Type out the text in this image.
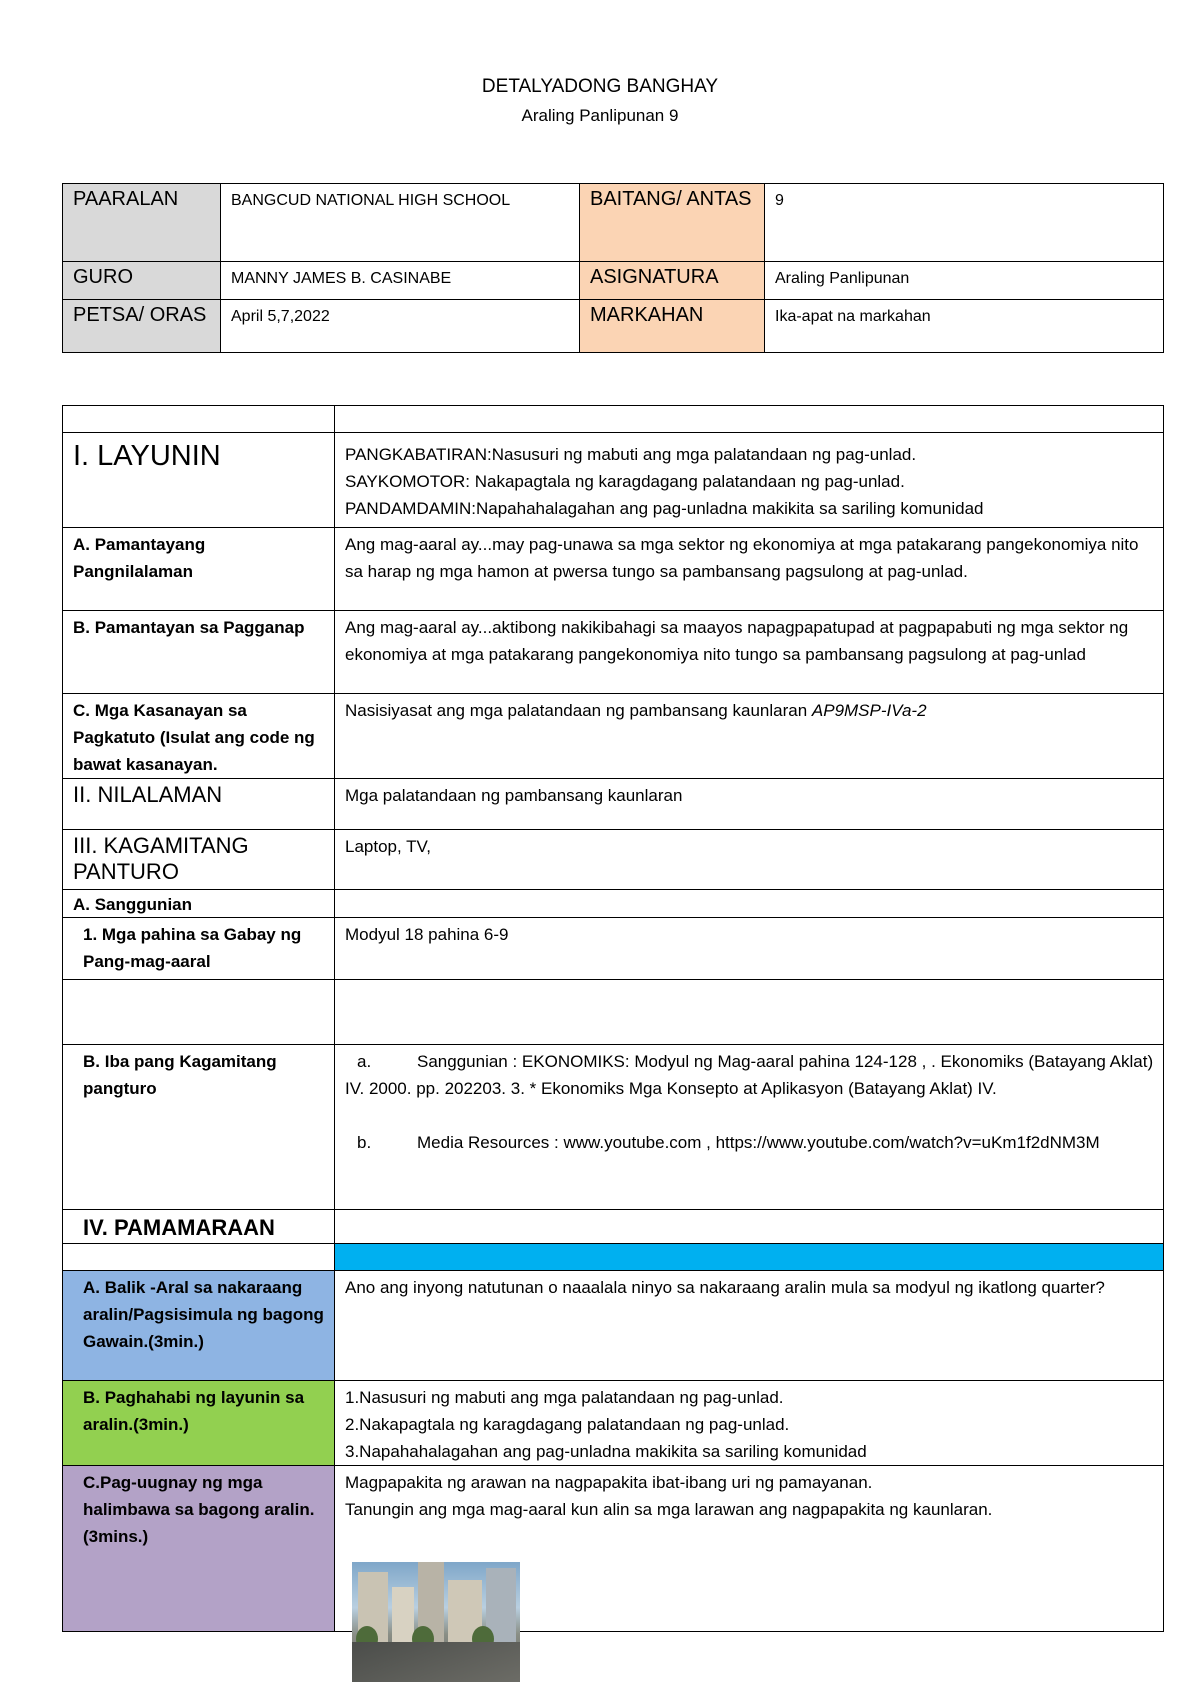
DETALYADONG BANGHAY
Araling Panlipunan 9
PAARALAN	BANGCUD NATIONAL HIGH SCHOOL	BAITANG/ ANTAS	9
GURO	MANNY JAMES B. CASINABE	ASIGNATURA	Araling Panlipunan
PETSA/ ORAS	April 5,7,2022	MARKAHAN	Ika-apat na markahan

I. LAYUNIN	PANGKABATIRAN:Nasusuri ng mabuti ang mga palatandaan ng pag-unlad.
SAYKOMOTOR: Nakapagtala ng karagdagang palatandaan ng pag-unlad.
PANDAMDAMIN:Napahahalagahan ang pag-unladna makikita sa sariling komunidad

A. Pamantayang Pangnilalaman	Ang mag-aaral ay...may pag-unawa sa mga sektor ng ekonomiya at mga patakarang pangekonomiya nito sa harap ng mga hamon at pwersa tungo sa pambansang pagsulong at pag-unlad.
B. Pamantayan sa Pagganap	Ang mag-aaral ay...aktibong nakikibahagi sa maayos napagpapatupad at pagpapabuti ng mga sektor ng ekonomiya at mga patakarang pangekonomiya nito tungo sa pambansang pagsulong at pag-unlad
C. Mga Kasanayan sa Pagkatuto (Isulat ang code ng bawat kasanayan.	Nasisiyasat ang mga palatandaan ng pambansang kaunlaran AP9MSP-IVa-2
II. NILALAMAN	Mga palatandaan ng pambansang kaunlaran
III. KAGAMITANG PANTURO	Laptop, TV,
A. Sanggunian	
1. Mga pahina sa Gabay ng Pang-mag-aaral	Modyul 18 pahina 6-9

B. Iba pang Kagamitang pangturo	a. Sanggunian : EKONOMIKS: Modyul ng Mag-aaral pahina 124-128 , . Ekonomiks (Batayang Aklat) IV. 2000. pp. 202203. 3. * Ekonomiks Mga Konsepto at Aplikasyon (Batayang Aklat) IV.
b. Media Resources : www.youtube.com , https://www.youtube.com/watch?v=uKm1f2dNM3M

IV. PAMAMARAAN	

A. Balik -Aral sa nakaraang aralin/Pagsisimula ng bagong Gawain.(3min.)	Ano ang inyong natutunan o naaalala ninyo sa nakaraang aralin mula sa modyul ng ikatlong quarter?
B. Paghahabi ng layunin sa aralin.(3min.)	1.Nasusuri ng mabuti ang mga palatandaan ng pag-unlad.
2.Nakapagtala ng karagdagang palatandaan ng pag-unlad.
3.Napahahalagahan ang pag-unladna makikita sa sariling komunidad

C.Pag-uugnay ng mga halimbawa sa bagong aralin.(3mins.)	Magpapakita ng arawan na nagpapakita ibat-ibang uri ng pamayanan.
Tanungin ang mga mag-aaral kun alin sa mga larawan ang nagpapakita ng kaunlaran.
